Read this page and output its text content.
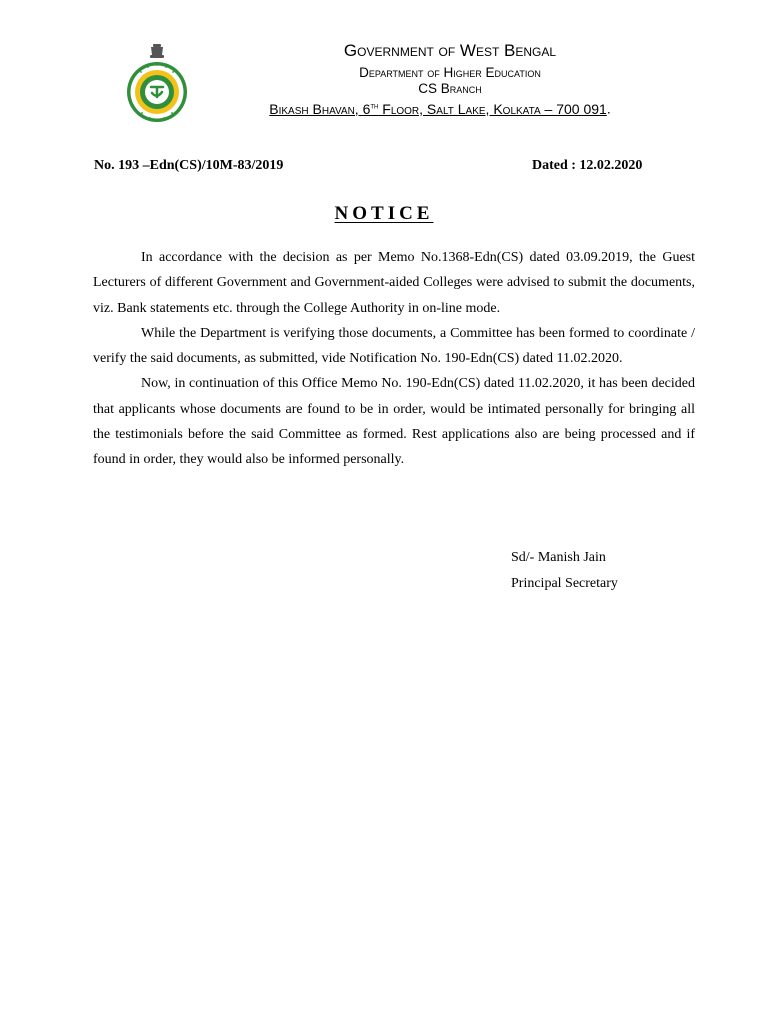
Government of West Bengal
Department of Higher Education
CS Branch
Bikash Bhavan, 6th Floor, Salt Lake, Kolkata – 700 091.
No. 193 –Edn(CS)/10M-83/2019	Dated : 12.02.2020
NOTICE

In accordance with the decision as per Memo No.1368-Edn(CS) dated 03.09.2019, the Guest Lecturers of different Government and Government-aided Colleges were advised to submit the documents, viz. Bank statements etc. through the College Authority in on-line mode.

While the Department is verifying those documents, a Committee has been formed to coordinate / verify the said documents, as submitted, vide Notification No. 190-Edn(CS) dated 11.02.2020.

Now, in continuation of this Office Memo No. 190-Edn(CS) dated 11.02.2020, it has been decided that applicants whose documents are found to be in order, would be intimated personally for bringing all the testimonials before the said Committee as formed. Rest applications also are being processed and if found in order, they would also be informed personally.

Sd/- Manish Jain
Principal Secretary
